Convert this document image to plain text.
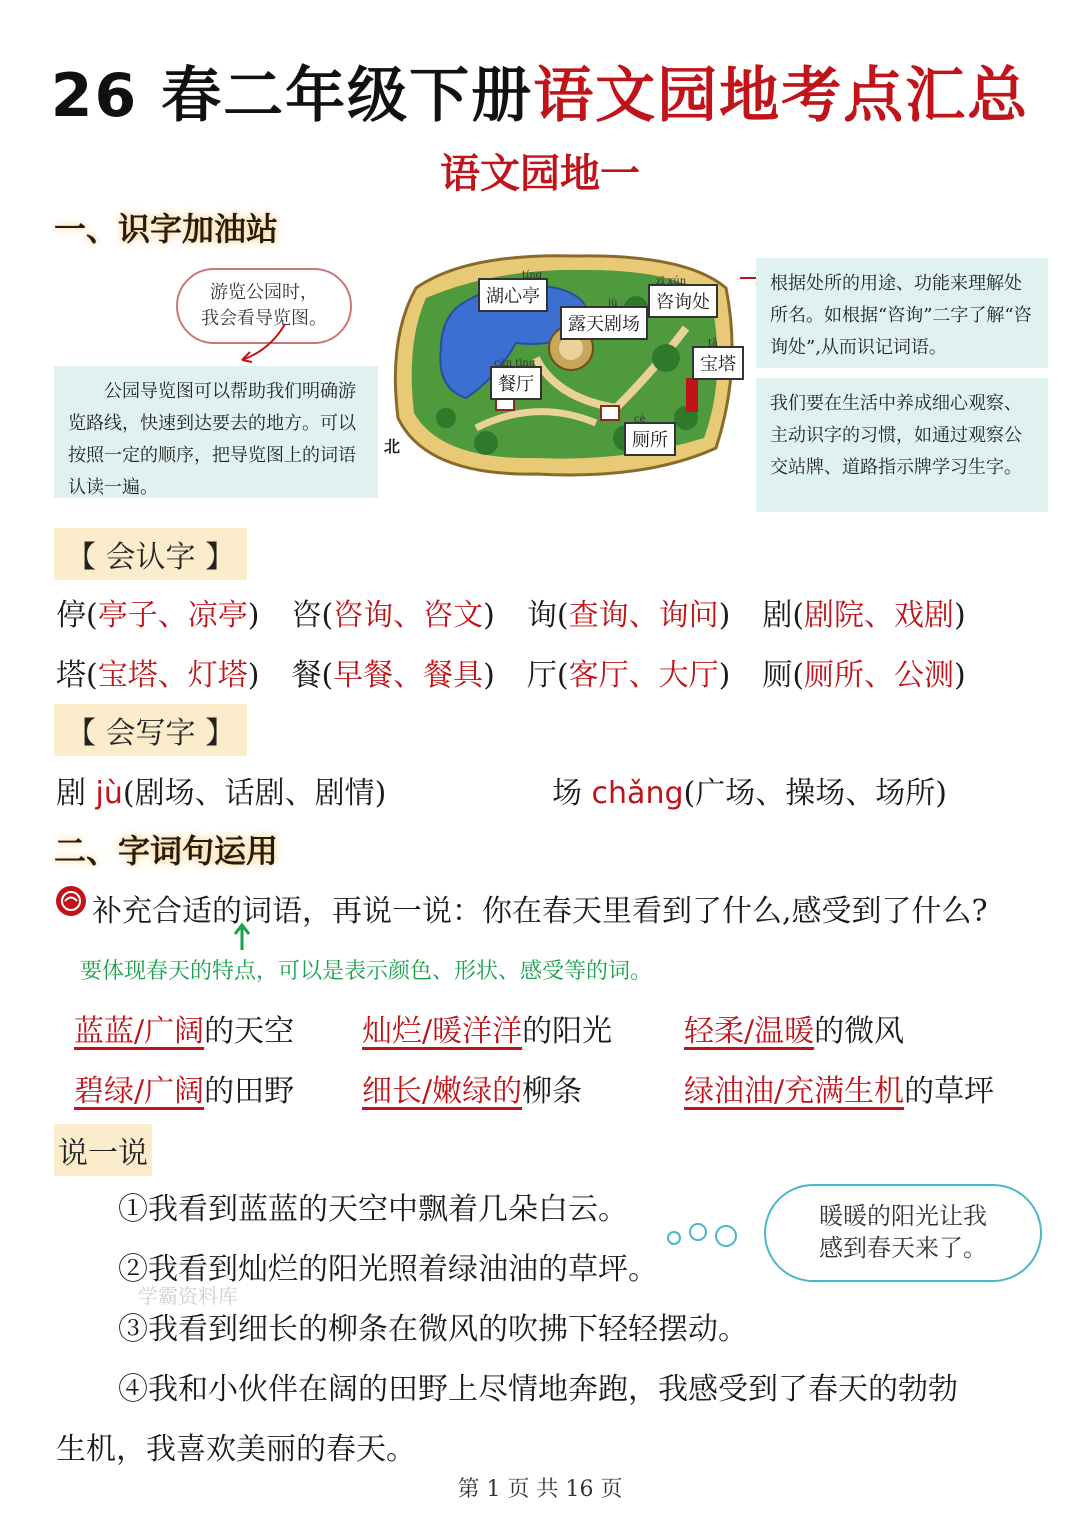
26 春二年级下册语文园地考点汇总
语文园地一
一、识字加油站
游览公园时，
我会看导览图。
公园导览图可以帮助我们明确游览路线，快速到达要去的地方。可以按照一定的顺序，把导览图上的词语认读一遍。
湖心亭
tíng
露天剧场
jù	咨询处
zī xún
餐厅
cān tīng	宝塔
tǎ
厕所
cè
北
根据处所的用途、功能来理解处所名。如根据“咨询”二字了解“咨询处”,从而识记词语。
我们要在生活中养成细心观察、主动识字的习惯，如通过观察公交站牌、道路指示牌学习生字。
【 会认字 】
停(亭子、凉亭) 咨(咨询、咨文) 询(查询、询问) 剧(剧院、戏剧)
塔(宝塔、灯塔) 餐(早餐、餐具) 厅(客厅、大厅) 厕(厕所、公测)
【 会写字 】
剧 jù(剧场、话剧、剧情)	场 chǎng(广场、操场、场所)
二、字词句运用
补充合适的词语，再说一说：你在春天里看到了什么,感受到了什么?
要体现春天的特点，可以是表示颜色、形状、感受等的词。
蓝蓝/广阔的天空 灿烂/暖洋洋的阳光 轻柔/温暖的微风
碧绿/广阔的田野 细长/嫩绿的柳条	绿油油/充满生机的草坪
说一说
①我看到蓝蓝的天空中飘着几朵白云。
②我看到灿烂的阳光照着绿油油的草坪。
③我看到细长的柳条在微风的吹拂下轻轻摆动。
④我和小伙伴在阔的田野上尽情地奔跑，我感受到了春天的勃勃
生机，我喜欢美丽的春天。
学霸资料库
暖暖的阳光让我
感到春天来了。
第 1 页 共 16 页
